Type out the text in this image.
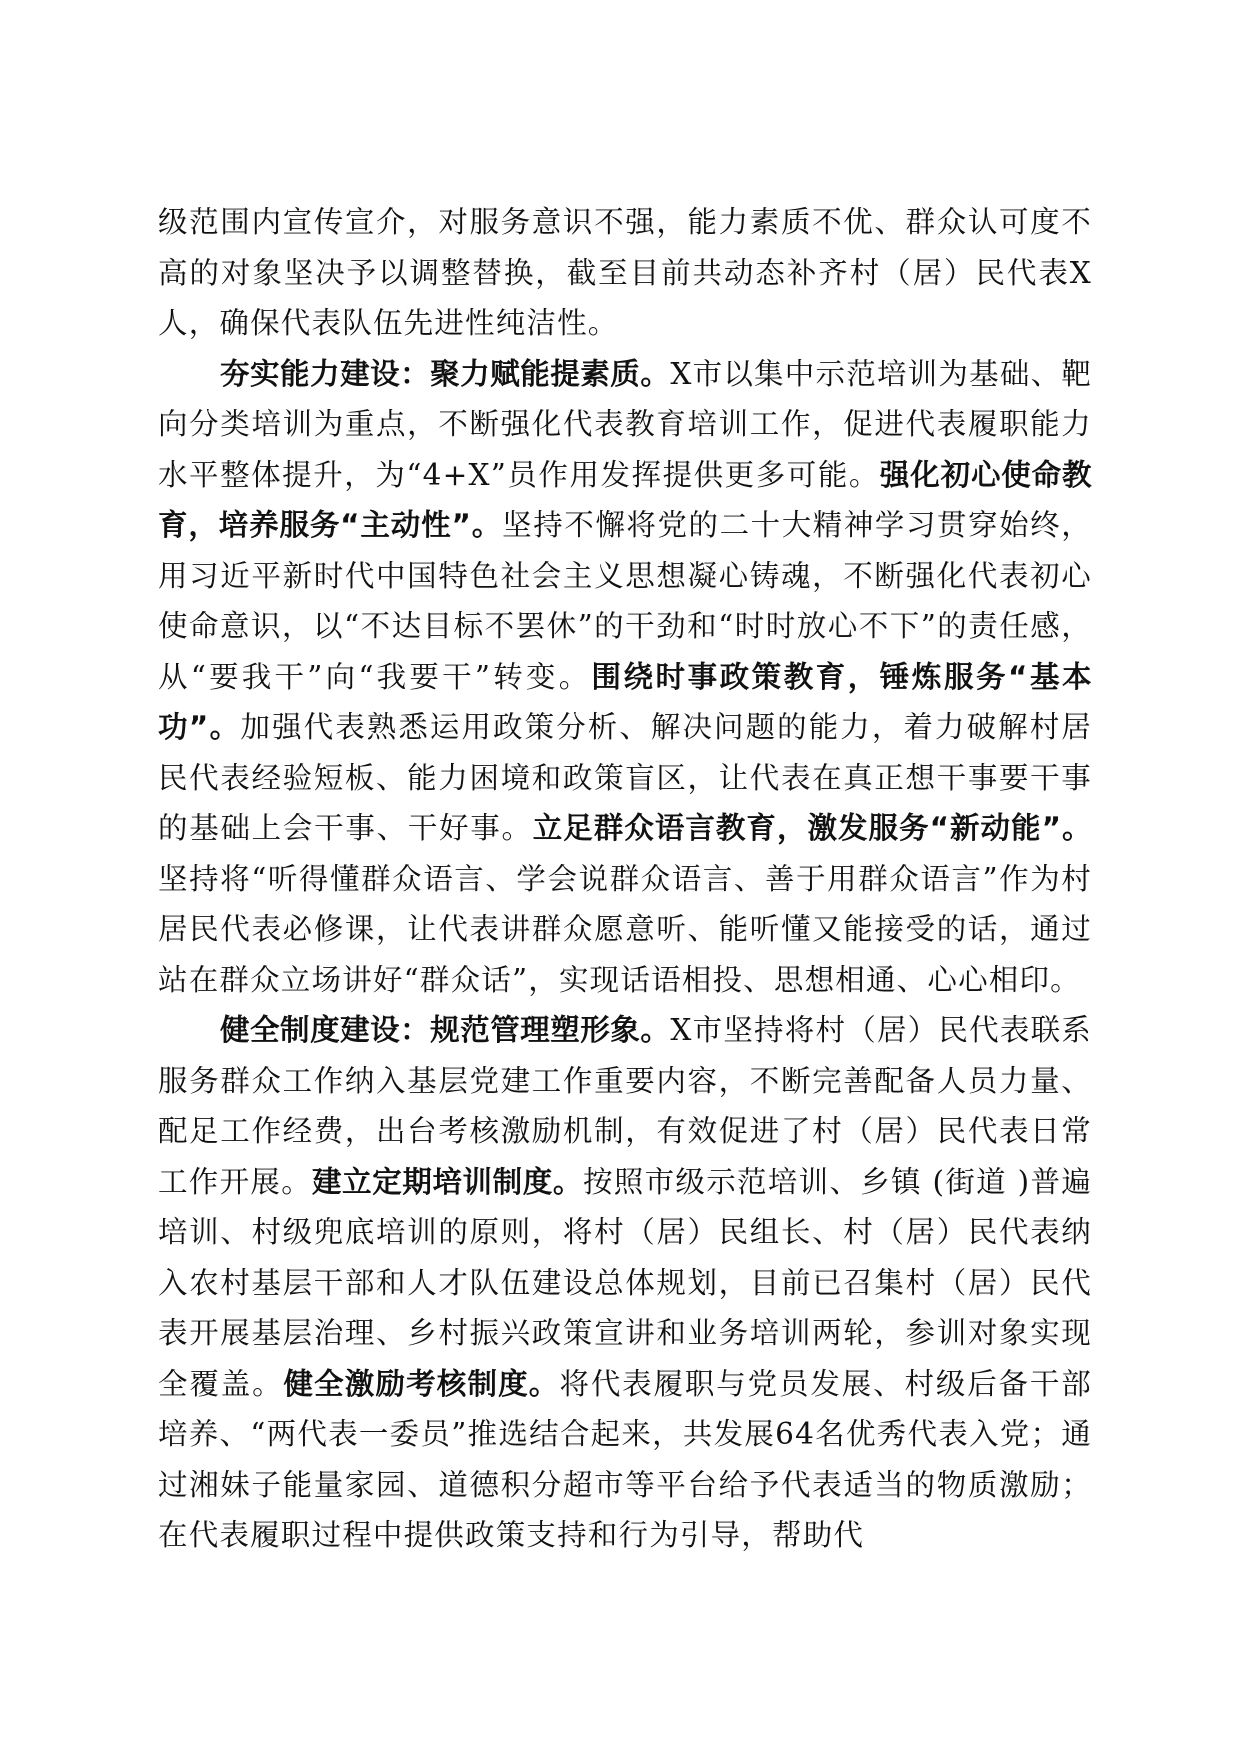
级范围内宣传宣介，对服务意识不强，能力素质不优、群众认可度不高的对象坚决予以调整替换，截至目前共动态补齐村（居）民代表X人，确保代表队伍先进性纯洁性。

夯实能力建设：聚力赋能提素质。X市以集中示范培训为基础、靶向分类培训为重点，不断强化代表教育培训工作，促进代表履职能力水平整体提升，为“4+X”员作用发挥提供更多可能。强化初心使命教育，培养服务“主动性”。坚持不懈将党的二十大精神学习贯穿始终，用习近平新时代中国特色社会主义思想凝心铸魂，不断强化代表初心使命意识，以“不达目标不罢休”的干劲和“时时放心不下”的责任感，从“要我干”向“我要干”转变。围绕时事政策教育，锤炼服务“基本功”。加强代表熟悉运用政策分析、解决问题的能力，着力破解村居民代表经验短板、能力困境和政策盲区，让代表在真正想干事要干事的基础上会干事、干好事。立足群众语言教育，激发服务“新动能”。坚持将“听得懂群众语言、学会说群众语言、善于用群众语言”作为村居民代表必修课，让代表讲群众愿意听、能听懂又能接受的话，通过站在群众立场讲好“群众话”，实现话语相投、思想相通、心心相印。

健全制度建设：规范管理塑形象。X市坚持将村（居）民代表联系服务群众工作纳入基层党建工作重要内容，不断完善配备人员力量、配足工作经费，出台考核激励机制，有效促进了村（居）民代表日常工作开展。建立定期培训制度。按照市级示范培训、乡镇 (街道 )普遍培训、村级兜底培训的原则，将村（居）民组长、村（居）民代表纳入农村基层干部和人才队伍建设总体规划，目前已召集村（居）民代表开展基层治理、乡村振兴政策宣讲和业务培训两轮，参训对象实现全覆盖。健全激励考核制度。将代表履职与党员发展、村级后备干部培养、“两代表一委员”推选结合起来，共发展64名优秀代表入党；通过湘妹子能量家园、道德积分超市等平台给予代表适当的物质激励；在代表履职过程中提供政策支持和行为引导，帮助代
